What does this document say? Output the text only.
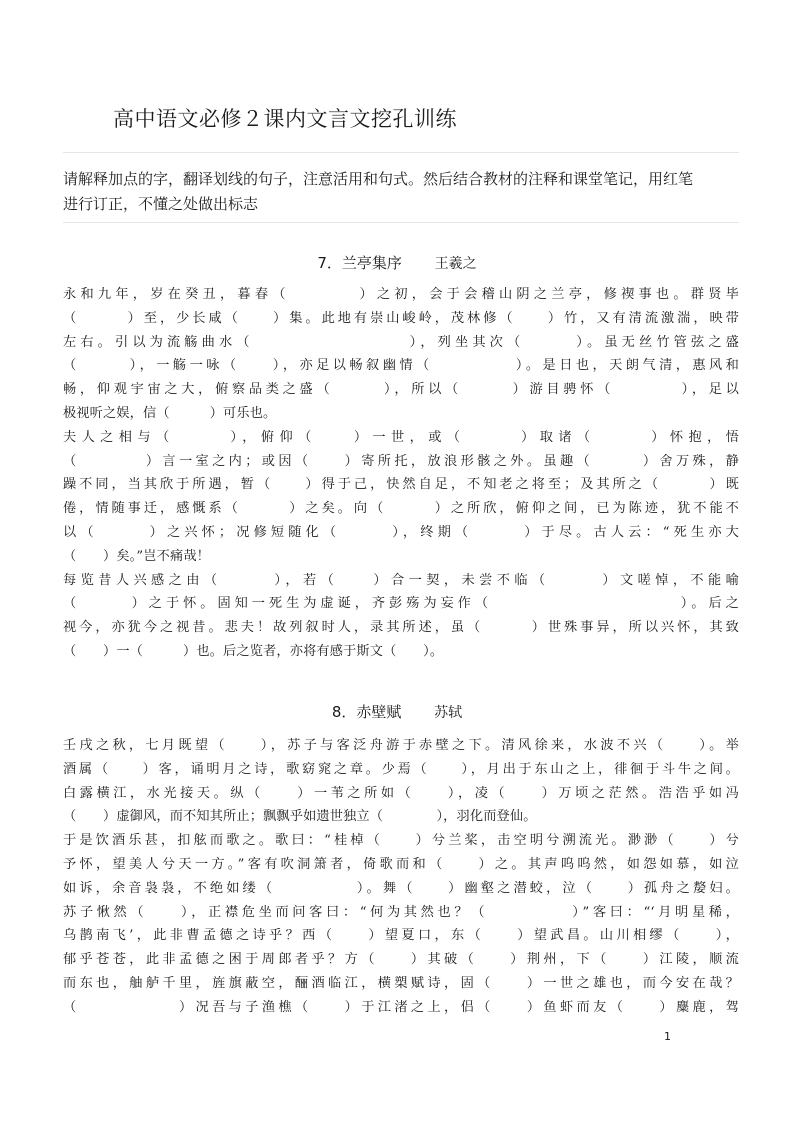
高中语文必修２课内文言文挖孔训练
请解释加点的字，翻译划线的句子，注意活用和句式。然后结合教材的注释和课堂笔记，用红笔
进行订正，不懂之处做出标志
7．兰亭集序 王羲之
永和九年，岁在癸丑，暮春（　　　　）之初，会于会稽山阴之兰亭，修禊事也。群贤毕
（　　　）至，少长咸（　　）集。此地有崇山峻岭，茂林修（　　）竹，又有清流激湍，映带
左右。引以为流觞曲水（　　　　　　　　　），列坐其次（　　　）。虽无丝竹管弦之盛
（　　　），一觞一咏（　　），亦足以畅叙幽情（　　　　　）。是日也，天朗气清，惠风和
畅，仰观宇宙之大，俯察品类之盛（　　　），所以（　　　）游目骋怀（　　　　），足以
极视听之娱，信（　　　）可乐也。
夫人之相与（　　　），俯仰（　　）一世，或（　　　）取诸（　　　）怀抱，悟
（　　　　）言一室之内；或因（　　）寄所托，放浪形骸之外。虽趣（　　　）舍万殊，静
躁不同，当其欣于所遇，暂（　　）得于己，快然自足，不知老之将至；及其所之（　　　）既
倦，情随事迁，感慨系（　　　）之矣。向（　　　）之所欣，俯仰之间，已为陈迹，犹不能不
以（　　　）之兴怀；况修短随化（　　　），终期（　　　）于尽。古人云：“死生亦大
（　　）矣。”岂不痛哉！
每览昔人兴感之由（　　　），若（　　）合一契，未尝不临（　　　）文嗟悼，不能喻
（　　　）之于怀。固知一死生为虚诞，齐彭殇为妄作（　　　　　　　　　　　）。后之
视今，亦犹今之视昔。悲夫！故列叙时人，录其所述，虽（　　　）世殊事异，所以兴怀，其致
（　　）一（　　　）也。后之览者，亦将有感于斯文（　　）。
8．赤壁赋 苏轼
壬戌之秋，七月既望（　　），苏子与客泛舟游于赤壁之下。清风徐来，水波不兴（　　）。举
酒属（　　）客，诵明月之诗，歌窈窕之章。少焉（　　），月出于东山之上，徘徊于斗牛之间。
白露横江，水光接天。纵（　　）一苇之所如（　　），凌（　　）万顷之茫然。浩浩乎如冯
（　　）虚御风，而不知其所止；飘飘乎如遗世独立（　　　　），羽化而登仙。
于是饮酒乐甚，扣舷而歌之。歌曰：“桂棹（　　）兮兰桨，击空明兮溯流光。渺渺（　　）兮
予怀，望美人兮天一方。”客有吹洞箫者，倚歌而和（　　）之。其声呜呜然，如怨如慕，如泣
如诉，余音袅袅，不绝如缕（　　　　　）。舞（　　）幽壑之潜蛟，泣（　　）孤舟之嫠妇。
苏子愀然（　　），正襟危坐而问客曰：“何为其然也？（　　　　　）”客曰：“‘月明星稀，
乌鹊南飞’，此非曹孟德之诗乎？西（　　）望夏口，东（　　）望武昌。山川相缪（　　），
郁乎苍苍，此非孟德之困于周郎者乎？方（　　）其破（　　）荆州，下（　　）江陵，顺流
而东也，舳舻千里，旌旗蔽空，酾酒临江，横槊赋诗，固（　　）一世之雄也，而今安在哉？
（　　　　　　）况吾与子渔樵（　　）于江渚之上，侣（　　）鱼虾而友（　　）麋鹿，驾
1
